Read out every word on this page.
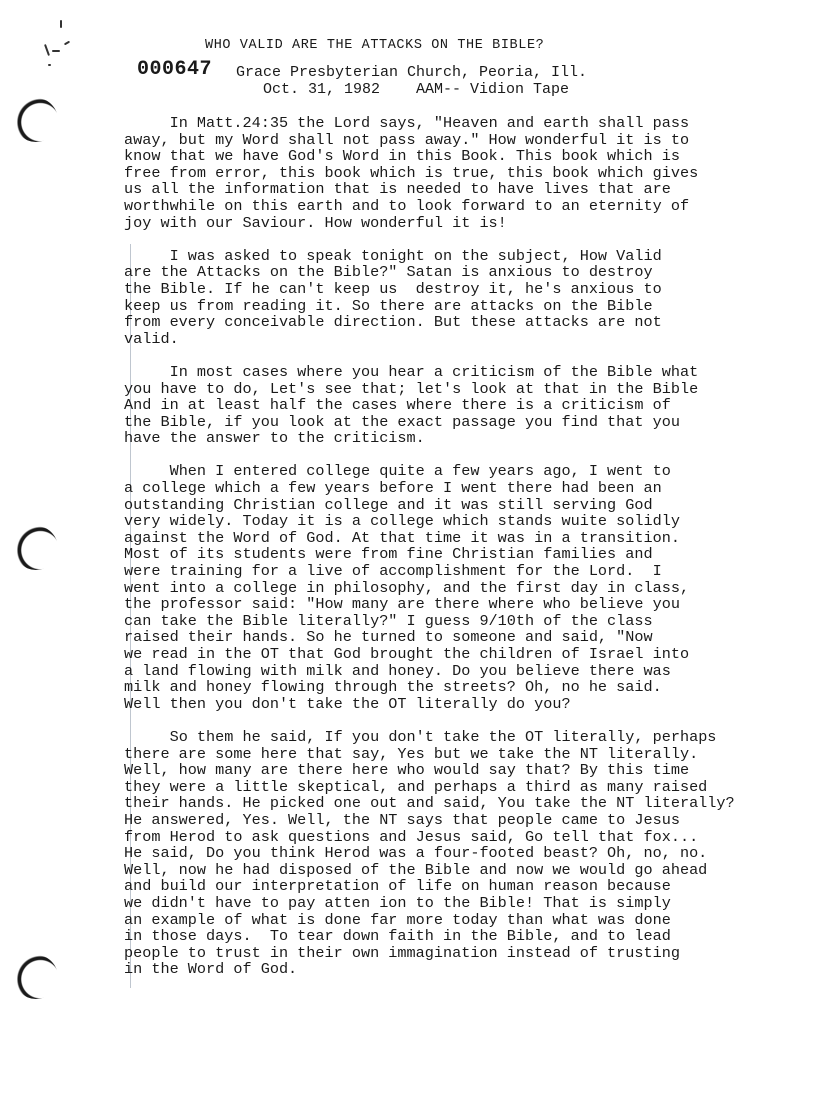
WHO VALID ARE THE ATTACKS ON THE BIBLE?
000647 Grace Presbyterian Church, Peoria, Ill.
Oct. 31, 1982    AAM-- Vidion Tape

In Matt.24:35 the Lord says, "Heaven and earth shall pass
away, but my Word shall not pass away." How wonderful it is to
know that we have God's Word in this Book. This book which is
free from error, this book which is true, this book which gives
us all the information that is needed to have lives that are
worthwhile on this earth and to look forward to an eternity of
joy with our Saviour. How wonderful it is!

I was asked to speak tonight on the subject, How Valid
are the Attacks on the Bible?" Satan is anxious to destroy
the Bible. If he can't keep us  destroy it, he's anxious to
keep us from reading it. So there are attacks on the Bible
from every conceivable direction. But these attacks are not
valid.

In most cases where you hear a criticism of the Bible what
you have to do, Let's see that; let's look at that in the Bible
And in at least half the cases where there is a criticism of
the Bible, if you look at the exact passage you find that you
have the answer to the criticism.

When I entered college quite a few years ago, I went to
a college which a few years before I went there had been an
outstanding Christian college and it was still serving God
very widely. Today it is a college which stands wuite solidly
against the Word of God. At that time it was in a transition.
Most of its students were from fine Christian families and
were training for a live of accomplishment for the Lord.  I
went into a college in philosophy, and the first day in class,
the professor said: "How many are there where who believe you
can take the Bible literally?" I guess 9/10th of the class
raised their hands. So he turned to someone and said, "Now
we read in the OT that God brought the children of Israel into
a land flowing with milk and honey. Do you believe there was
milk and honey flowing through the streets? Oh, no he said.
Well then you don't take the OT literally do you?

So them he said, If you don't take the OT literally, perhaps
there are some here that say, Yes but we take the NT literally.
Well, how many are there here who would say that? By this time
they were a little skeptical, and perhaps a third as many raised
their hands. He picked one out and said, You take the NT literally?
He answered, Yes. Well, the NT says that people came to Jesus
from Herod to ask questions and Jesus said, Go tell that fox...
He said, Do you think Herod was a four-footed beast? Oh, no, no.
Well, now he had disposed of the Bible and now we would go ahead
and build our interpretation of life on human reason because
we didn't have to pay atten ion to the Bible! That is simply
an example of what is done far more today than what was done
in those days.  To tear down faith in the Bible, and to lead
people to trust in their own immagination instead of trusting
in the Word of God.
